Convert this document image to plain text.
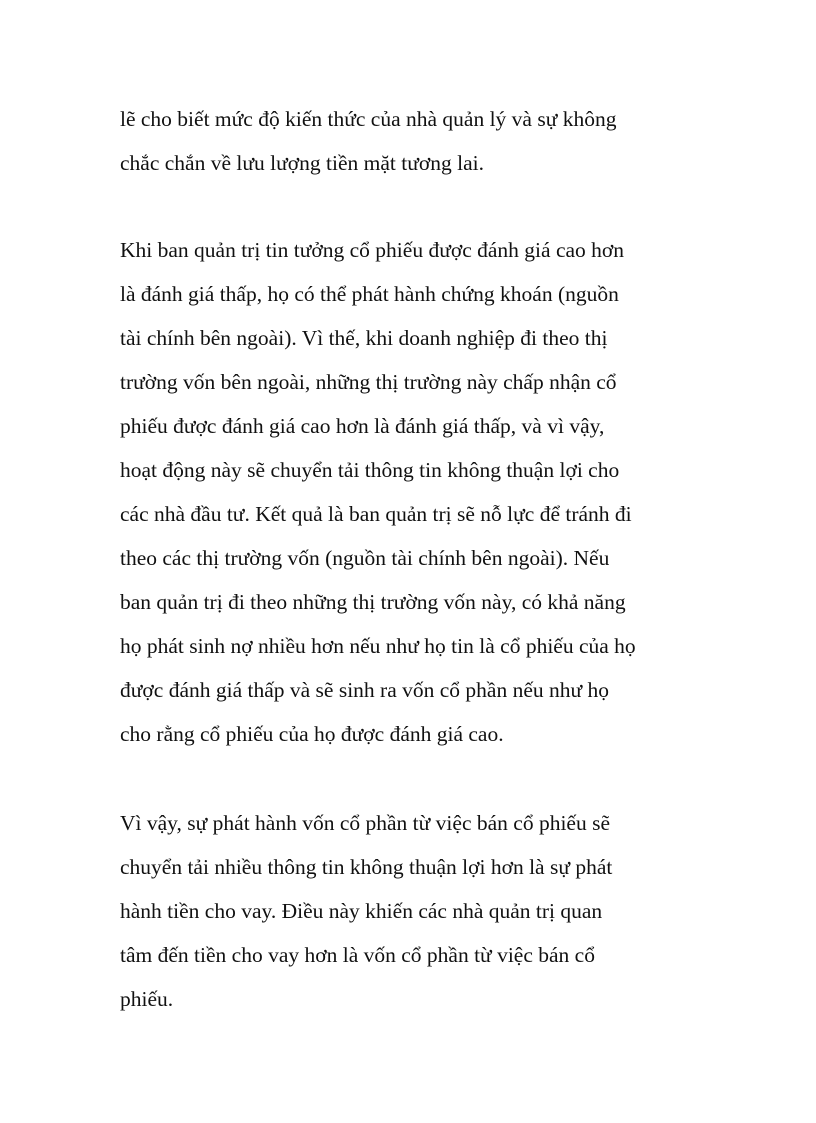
lẽ cho biết mức độ kiến thức của nhà quản lý và sự không
chắc chắn về lưu lượng tiền mặt tương lai.
Khi ban quản trị tin tưởng cổ phiếu được đánh giá cao hơn
là đánh giá thấp, họ có thể phát hành chứng khoán (nguồn
tài chính bên ngoài). Vì thế, khi doanh nghiệp đi theo thị
trường vốn bên ngoài, những thị trường này chấp nhận cổ
phiếu được đánh giá cao hơn là đánh giá thấp, và vì vậy,
hoạt động này sẽ chuyển tải thông tin không thuận lợi cho
các nhà đầu tư. Kết quả là ban quản trị sẽ nỗ lực để tránh đi
theo các thị trường vốn (nguồn tài chính bên ngoài). Nếu
ban quản trị đi theo những thị trường vốn này, có khả năng
họ phát sinh nợ nhiều hơn nếu như họ tin là cổ phiếu của họ
được đánh giá thấp và sẽ sinh ra vốn cổ phần nếu như họ
cho rằng cổ phiếu của họ được đánh giá cao.
Vì vậy, sự phát hành vốn cổ phần từ việc bán cổ phiếu sẽ
chuyển tải nhiều thông tin không thuận lợi hơn là sự phát
hành tiền cho vay. Điều này khiến các nhà quản trị quan
tâm đến tiền cho vay hơn là vốn cổ phần từ việc bán cổ
phiếu.
